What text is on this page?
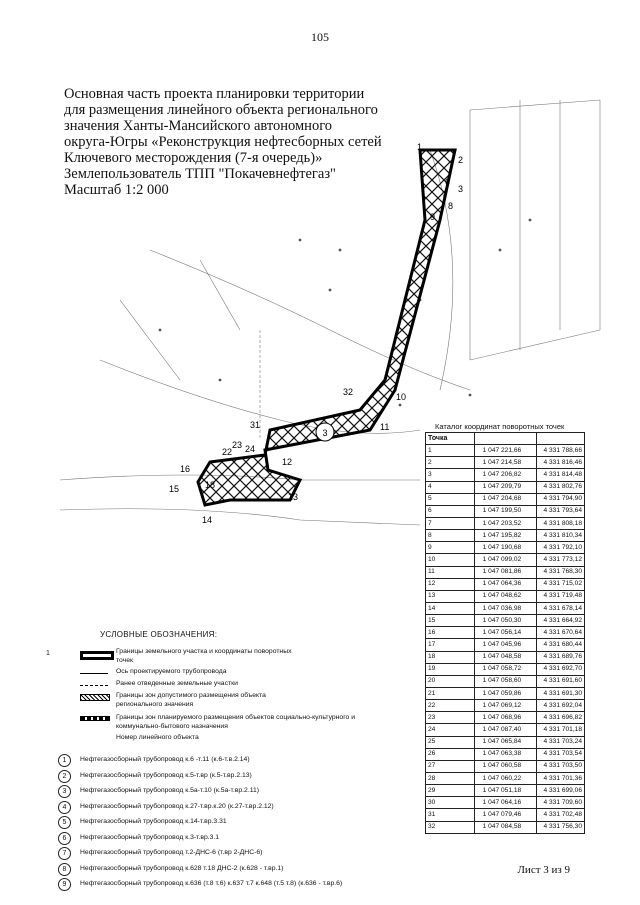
105
Основная часть проекта планировки территории
для размещения линейного объекта регионального
значения Ханты-Мансийского автономного
округа-Югры «Реконструкция нефтесборных сетей
Ключевого месторождения (7-я очередь)»
Землепользователь ТПП "Покачевнефтегаз"
Масштаб 1:2 000
3
1
2
3
6
8
9
10
11
12
13
14
15
16
18
22
23 24
31
32
Каталог координат поворотных точек
Точка		
1	1 047 221,66	4 331 788,66
2	1 047 214,58	4 331 816,46
3	1 047 206,82	4 331 814,48
4	1 047 209,79	4 331 802,76
5	1 047 204,68	4 331 794,90
6	1 047 199,50	4 331 793,64
7	1 047 203,52	4 331 808,18
8	1 047 195,82	4 331 810,34
9	1 047 190,68	4 331 792,10
10	1 047 099,02	4 331 773,12
11	1 047 081,86	4 331 768,30
12	1 047 064,36	4 331 715,02
13	1 047 048,62	4 331 719,48
14	1 047 036,98	4 331 678,14
15	1 047 050,30	4 331 664,92
16	1 047 056,14	4 331 670,64
17	1 047 045,96	4 331 680,44
18	1 047 048,58	4 331 689,76
19	1 047 058,72	4 331 692,70
20	1 047 058,60	4 331 691,60
21	1 047 059,86	4 331 691,30
22	1 047 069,12	4 331 692,04
23	1 047 068,96	4 331 696,82
24	1 047 087,40	4 331 701,18
25	1 047 065,84	4 331 703,24
26	1 047 063,38	4 331 703,54
27	1 047 060,58	4 331 703,50
28	1 047 060,22	4 331 701,36
29	1 047 051,18	4 331 699,06
30	1 047 064,16	4 331 709,60
31	1 047 079,46	4 331 702,48
32	1 047 084,58	4 331 756,30
УСЛОВНЫЕ ОБОЗНАЧЕНИЯ:
1	Границы земельного участка и координаты поворотных точек
Ось проектируемого трубопровода
Ранее отведенные земельные участки
Границы зон допустимого размещения объекта регионального значения
Границы зон планируемого размещения объектов социально-культурного и коммунально-бытового назначения
Номер линейного объекта
1	Нефтегазосборный трубопровод к.6 -т.11 (к.6-т.в.2.14)
2	Нефтегазосборный трубопровод к.5-т.вр (к.5-т.вр.2.13)
3	Нефтегазосборный трубопровод к.5а-т.10 (к.5а-т.вр.2.11)
4	Нефтегазосборный трубопровод к.27-т.вр.к.20 (к.27-т.вр.2.12)
5	Нефтегазосборный трубопровод к.14-т.вр.3.31
6	Нефтегазосборный трубопровод к.3-т.вр.3.1
7	Нефтегазосборный трубопровод т.2-ДНС-6 (т.вр 2-ДНС-6)
8	Нефтегазосборный трубопровод к.628 т.18 ДНС-2 (к.628 - т.вр.1)
9	Нефтегазосборный трубопровод к.636 (т.8 т.6) к.637 т.7 к.648 (т.5 т.8) (к.636 - т.вр.6)
Лист 3 из 9
